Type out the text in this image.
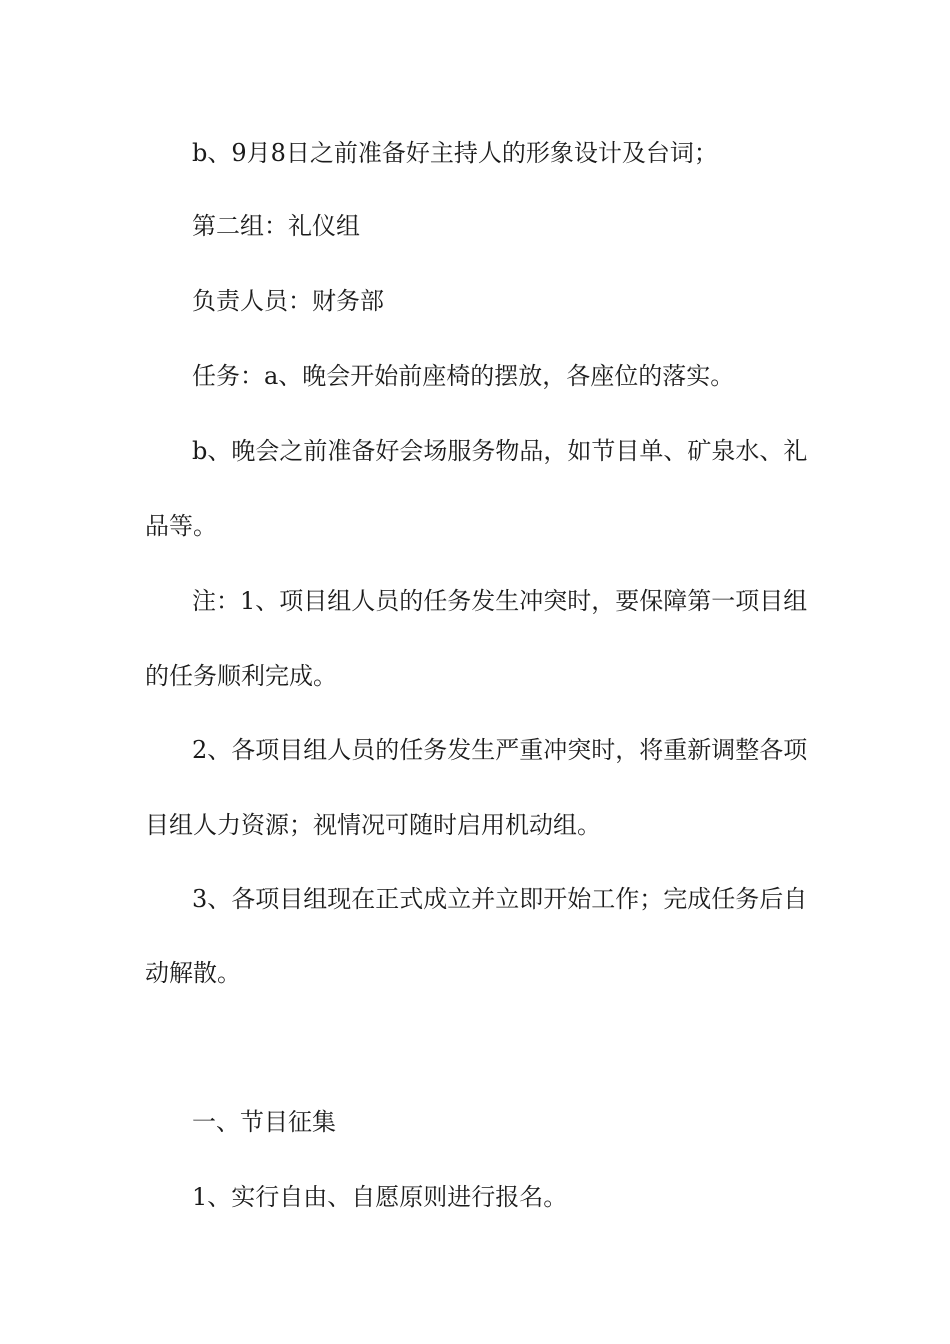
b、9月8日之前准备好主持人的形象设计及台词；
第二组：礼仪组
负责人员：财务部
任务：a、晚会开始前座椅的摆放，各座位的落实。
b、晚会之前准备好会场服务物品，如节目单、矿泉水、礼
品等。
注：1、项目组人员的任务发生冲突时，要保障第一项目组
的任务顺利完成。
2、各项目组人员的任务发生严重冲突时，将重新调整各项
目组人力资源；视情况可随时启用机动组。
3、各项目组现在正式成立并立即开始工作；完成任务后自
动解散。
一、节目征集
1、实行自由、自愿原则进行报名。
